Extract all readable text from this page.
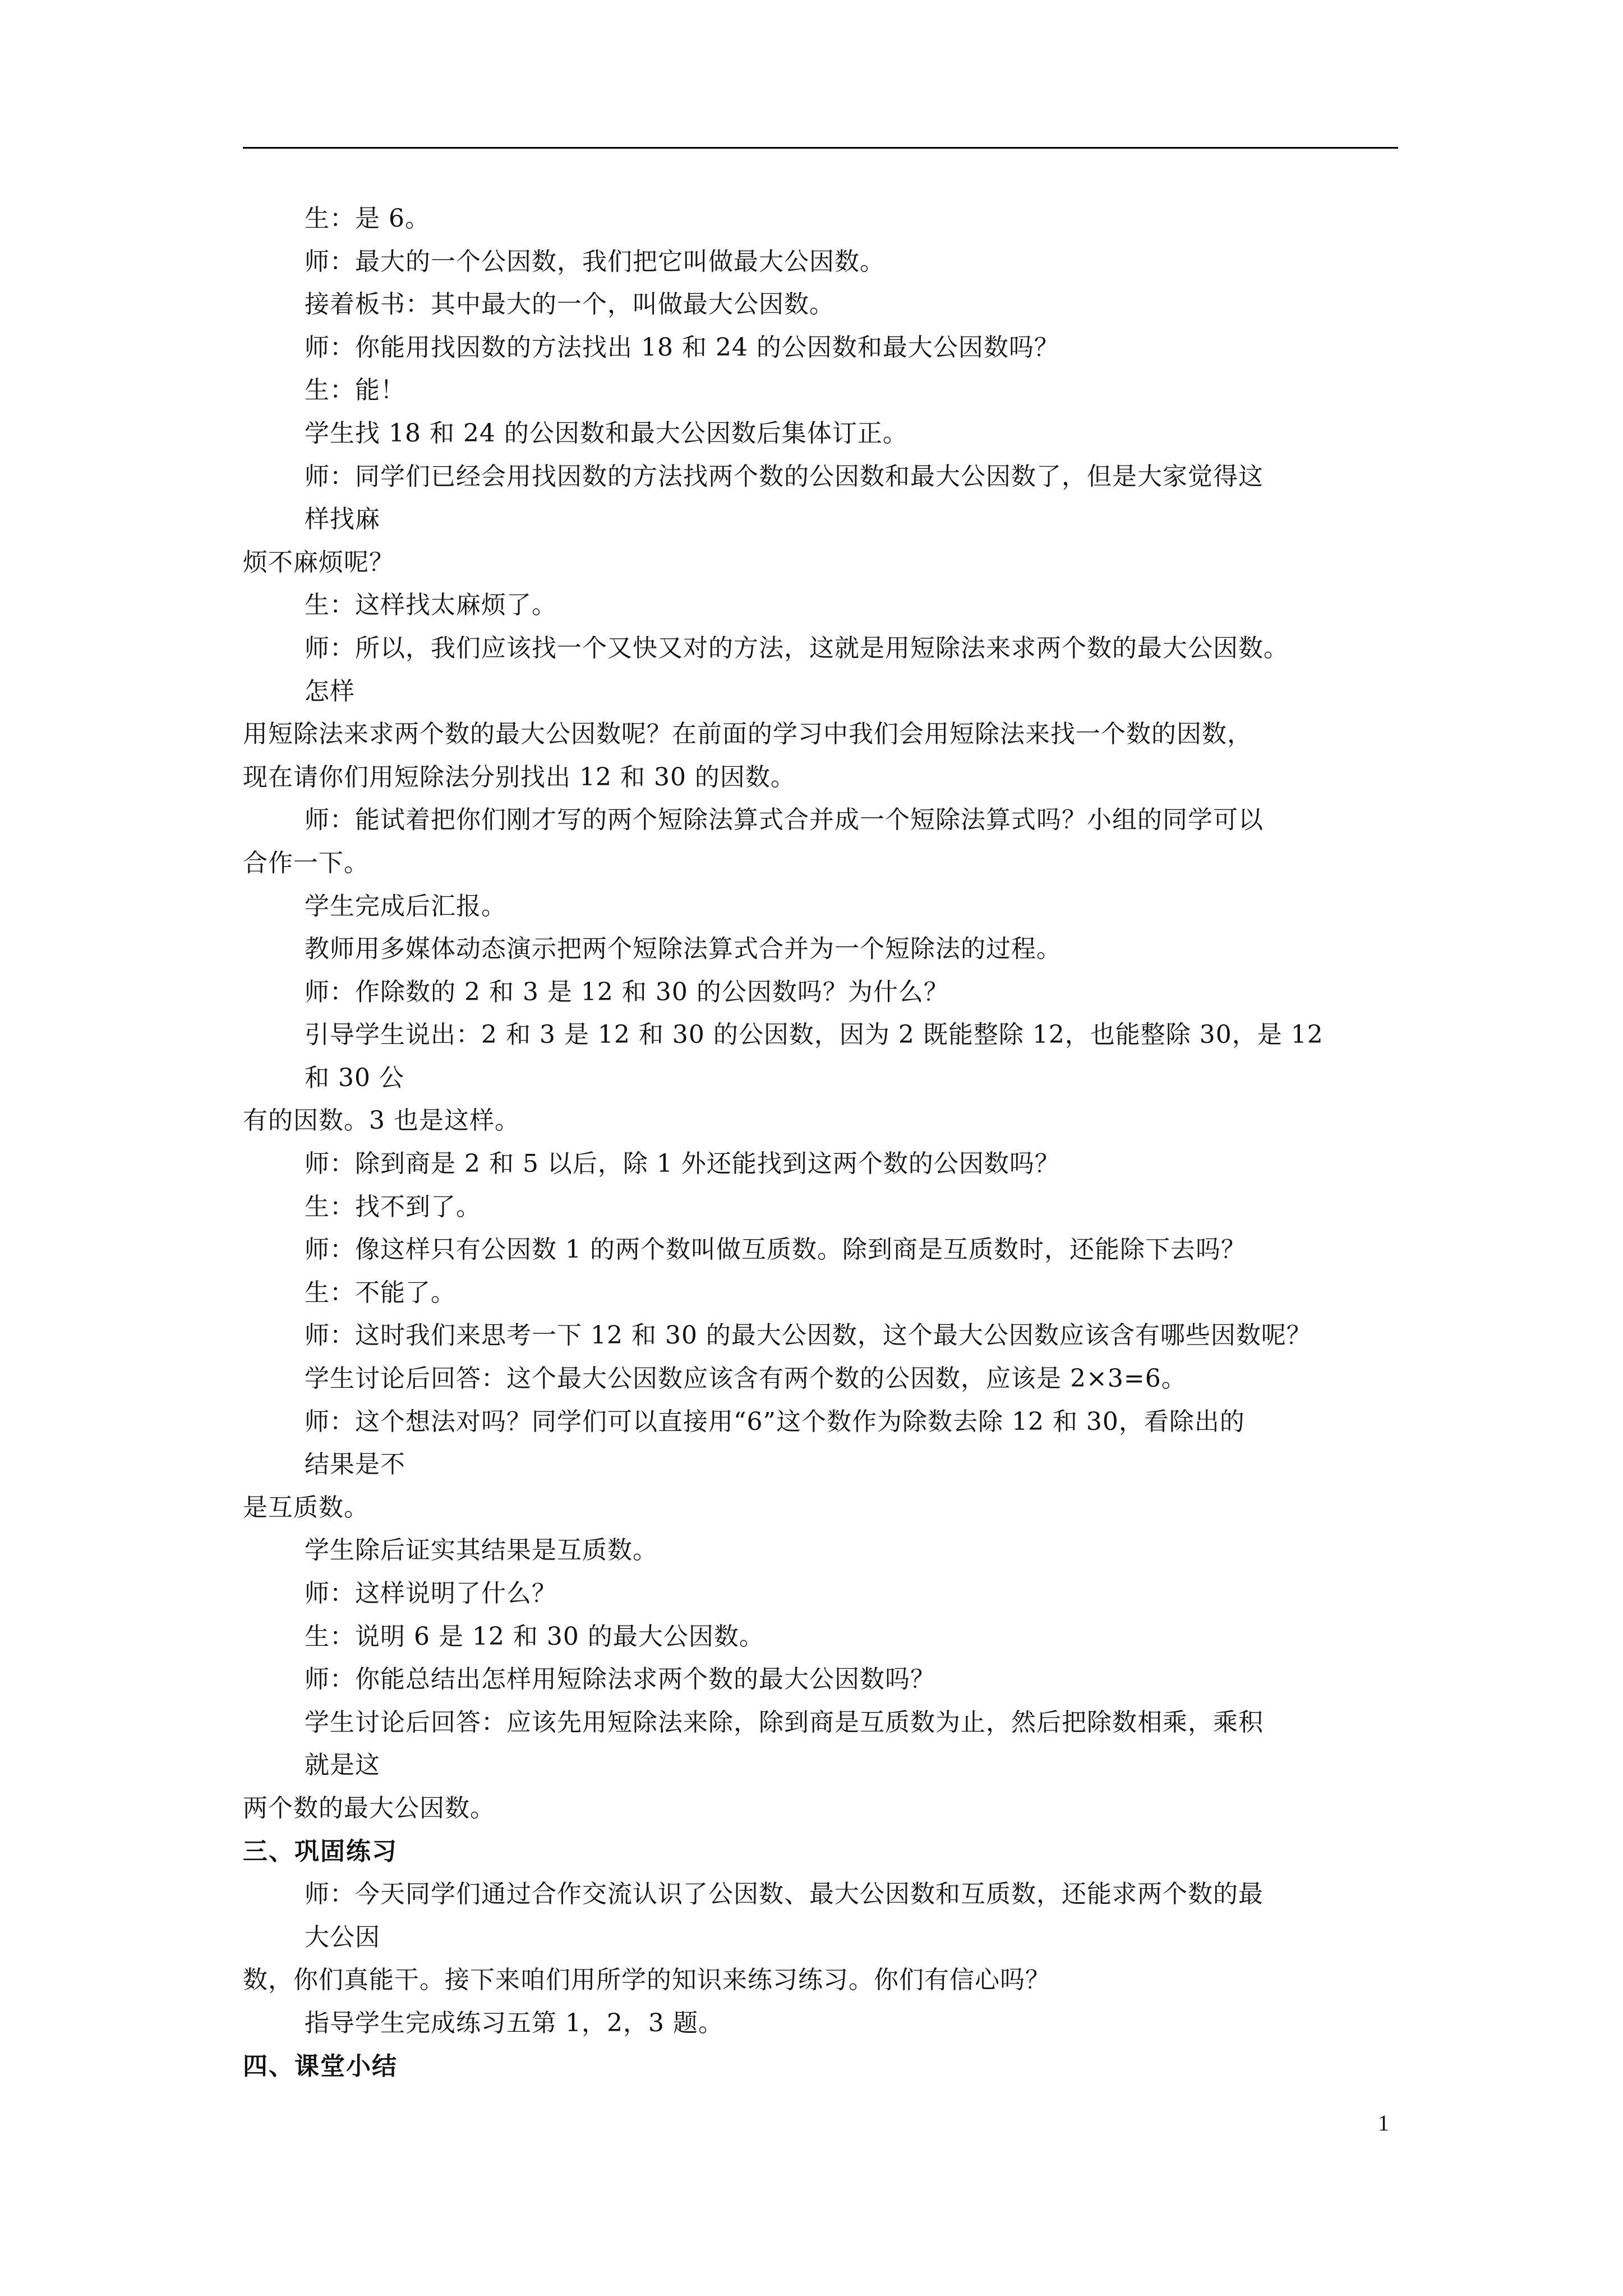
生：是 6。
师：最大的一个公因数，我们把它叫做最大公因数。
接着板书：其中最大的一个，叫做最大公因数。
师：你能用找因数的方法找出 18 和 24 的公因数和最大公因数吗？
生：能！
学生找 18 和 24 的公因数和最大公因数后集体订正。
师：同学们已经会用找因数的方法找两个数的公因数和最大公因数了，但是大家觉得这
样找麻
烦不麻烦呢？
生：这样找太麻烦了。
师：所以，我们应该找一个又快又对的方法，这就是用短除法来求两个数的最大公因数。
怎样
用短除法来求两个数的最大公因数呢？在前面的学习中我们会用短除法来找一个数的因数，
现在请你们用短除法分别找出 12 和 30 的因数。
师：能试着把你们刚才写的两个短除法算式合并成一个短除法算式吗？小组的同学可以
合作一下。
学生完成后汇报。
教师用多媒体动态演示把两个短除法算式合并为一个短除法的过程。
师：作除数的 2 和 3 是 12 和 30 的公因数吗？为什么？
引导学生说出：2 和 3 是 12 和 30 的公因数，因为 2 既能整除 12，也能整除 30，是 12
和 30 公
有的因数。3 也是这样。
师：除到商是 2 和 5 以后，除 1 外还能找到这两个数的公因数吗？
生：找不到了。
师：像这样只有公因数 1 的两个数叫做互质数。除到商是互质数时，还能除下去吗？
生：不能了。
师：这时我们来思考一下 12 和 30 的最大公因数，这个最大公因数应该含有哪些因数呢？
学生讨论后回答：这个最大公因数应该含有两个数的公因数，应该是 2×3=6。
师：这个想法对吗？同学们可以直接用“6”这个数作为除数去除 12 和 30，看除出的
结果是不
是互质数。
学生除后证实其结果是互质数。
师：这样说明了什么？
生：说明 6 是 12 和 30 的最大公因数。
师：你能总结出怎样用短除法求两个数的最大公因数吗？
学生讨论后回答：应该先用短除法来除，除到商是互质数为止，然后把除数相乘，乘积
就是这
两个数的最大公因数。
三、巩固练习
师：今天同学们通过合作交流认识了公因数、最大公因数和互质数，还能求两个数的最
大公因
数，你们真能干。接下来咱们用所学的知识来练习练习。你们有信心吗？
指导学生完成练习五第 1，2，3 题。
四、课堂小结
1
